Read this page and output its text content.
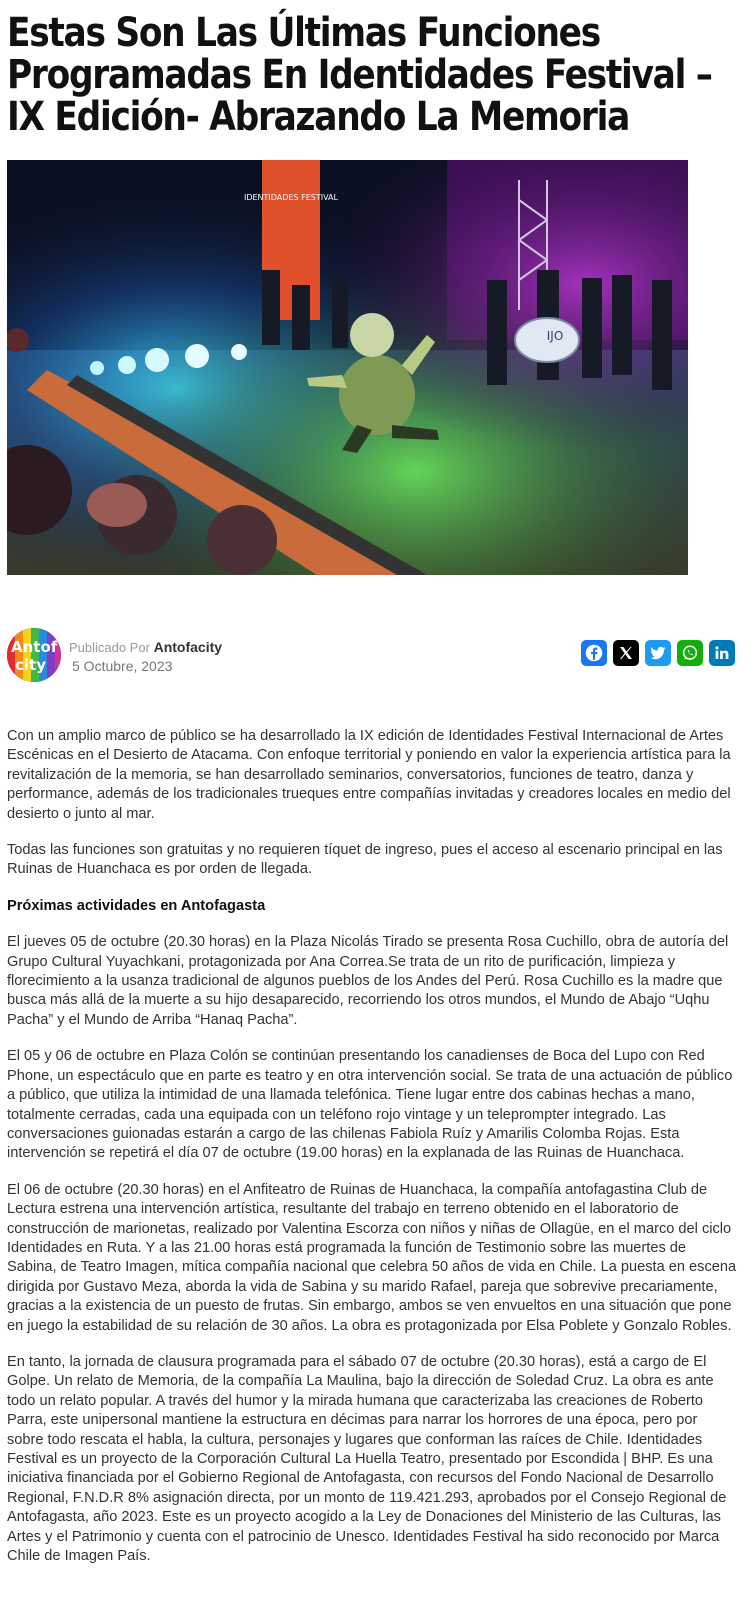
Estas Son Las Últimas Funciones Programadas En Identidades Festival – IX Edición- Abrazando La Memoria
IDENTIDADES FESTIVAL
IJO
Antof
city
Publicado Por Antofacity
5 Octubre, 2023

Con un amplio marco de público se ha desarrollado la IX edición de Identidades Festival Internacional de Artes Escénicas en el Desierto de Atacama. Con enfoque territorial y poniendo en valor la experiencia artística para la revitalización de la memoria, se han desarrollado seminarios, conversatorios, funciones de teatro, danza y performance, además de los tradicionales trueques entre compañías invitadas y creadores locales en medio del desierto o junto al mar.

Todas las funciones son gratuitas y no requieren tíquet de ingreso, pues el acceso al escenario principal en las Ruinas de Huanchaca es por orden de llegada.

Próximas actividades en Antofagasta

El jueves 05 de octubre (20.30 horas) en la Plaza Nicolás Tirado se presenta Rosa Cuchillo, obra de autoría del Grupo Cultural Yuyachkani, protagonizada por Ana Correa.Se trata de un rito de purificación, limpieza y florecimiento a la usanza tradicional de algunos pueblos de los Andes del Perú. Rosa Cuchillo es la madre que busca más allá de la muerte a su hijo desaparecido, recorriendo los otros mundos, el Mundo de Abajo “Uqhu Pacha” y el Mundo de Arriba “Hanaq Pacha”.

El 05 y 06 de octubre en Plaza Colón se continúan presentando los canadienses de Boca del Lupo con Red Phone, un espectáculo que en parte es teatro y en otra intervención social. Se trata de una actuación de público a público, que utiliza la intimidad de una llamada telefónica. Tiene lugar entre dos cabinas hechas a mano, totalmente cerradas, cada una equipada con un teléfono rojo vintage y un teleprompter integrado. Las conversaciones guionadas estarán a cargo de las chilenas Fabiola Ruíz y Amarilis Colomba Rojas. Esta intervención se repetirá el día 07 de octubre (19.00 horas) en la explanada de las Ruinas de Huanchaca.

El 06 de octubre (20.30 horas) en el Anfiteatro de Ruinas de Huanchaca, la compañía antofagastina Club de Lectura estrena una intervención artística, resultante del trabajo en terreno obtenido en el laboratorio de construcción de marionetas, realizado por Valentina Escorza con niños y niñas de Ollagüe, en el marco del ciclo Identidades en Ruta. Y a las 21.00 horas está programada la función de Testimonio sobre las muertes de Sabina, de Teatro Imagen, mítica compañía nacional que celebra 50 años de vida en Chile. La puesta en escena dirigida por Gustavo Meza, aborda la vida de Sabina y su marido Rafael, pareja que sobrevive precariamente, gracias a la existencia de un puesto de frutas. Sin embargo, ambos se ven envueltos en una situación que pone en juego la estabilidad de su relación de 30 años. La obra es protagonizada por Elsa Poblete y Gonzalo Robles.

En tanto, la jornada de clausura programada para el sábado 07 de octubre (20.30 horas), está a cargo de El Golpe. Un relato de Memoria, de la compañía La Maulina, bajo la dirección de Soledad Cruz. La obra es ante todo un relato popular. A través del humor y la mirada humana que caracterizaba las creaciones de Roberto Parra, este unipersonal mantiene la estructura en décimas para narrar los horrores de una época, pero por sobre todo rescata el habla, la cultura, personajes y lugares que conforman las raíces de Chile. Identidades Festival es un proyecto de la Corporación Cultural La Huella Teatro, presentado por Escondida | BHP. Es una iniciativa financiada por el Gobierno Regional de Antofagasta, con recursos del Fondo Nacional de Desarrollo Regional, F.N.D.R 8% asignación directa, por un monto de 119.421.293, aprobados por el Consejo Regional de Antofagasta, año 2023. Este es un proyecto acogido a la Ley de Donaciones del Ministerio de las Culturas, las Artes y el Patrimonio y cuenta con el patrocinio de Unesco. Identidades Festival ha sido reconocido por Marca Chile de Imagen País.
